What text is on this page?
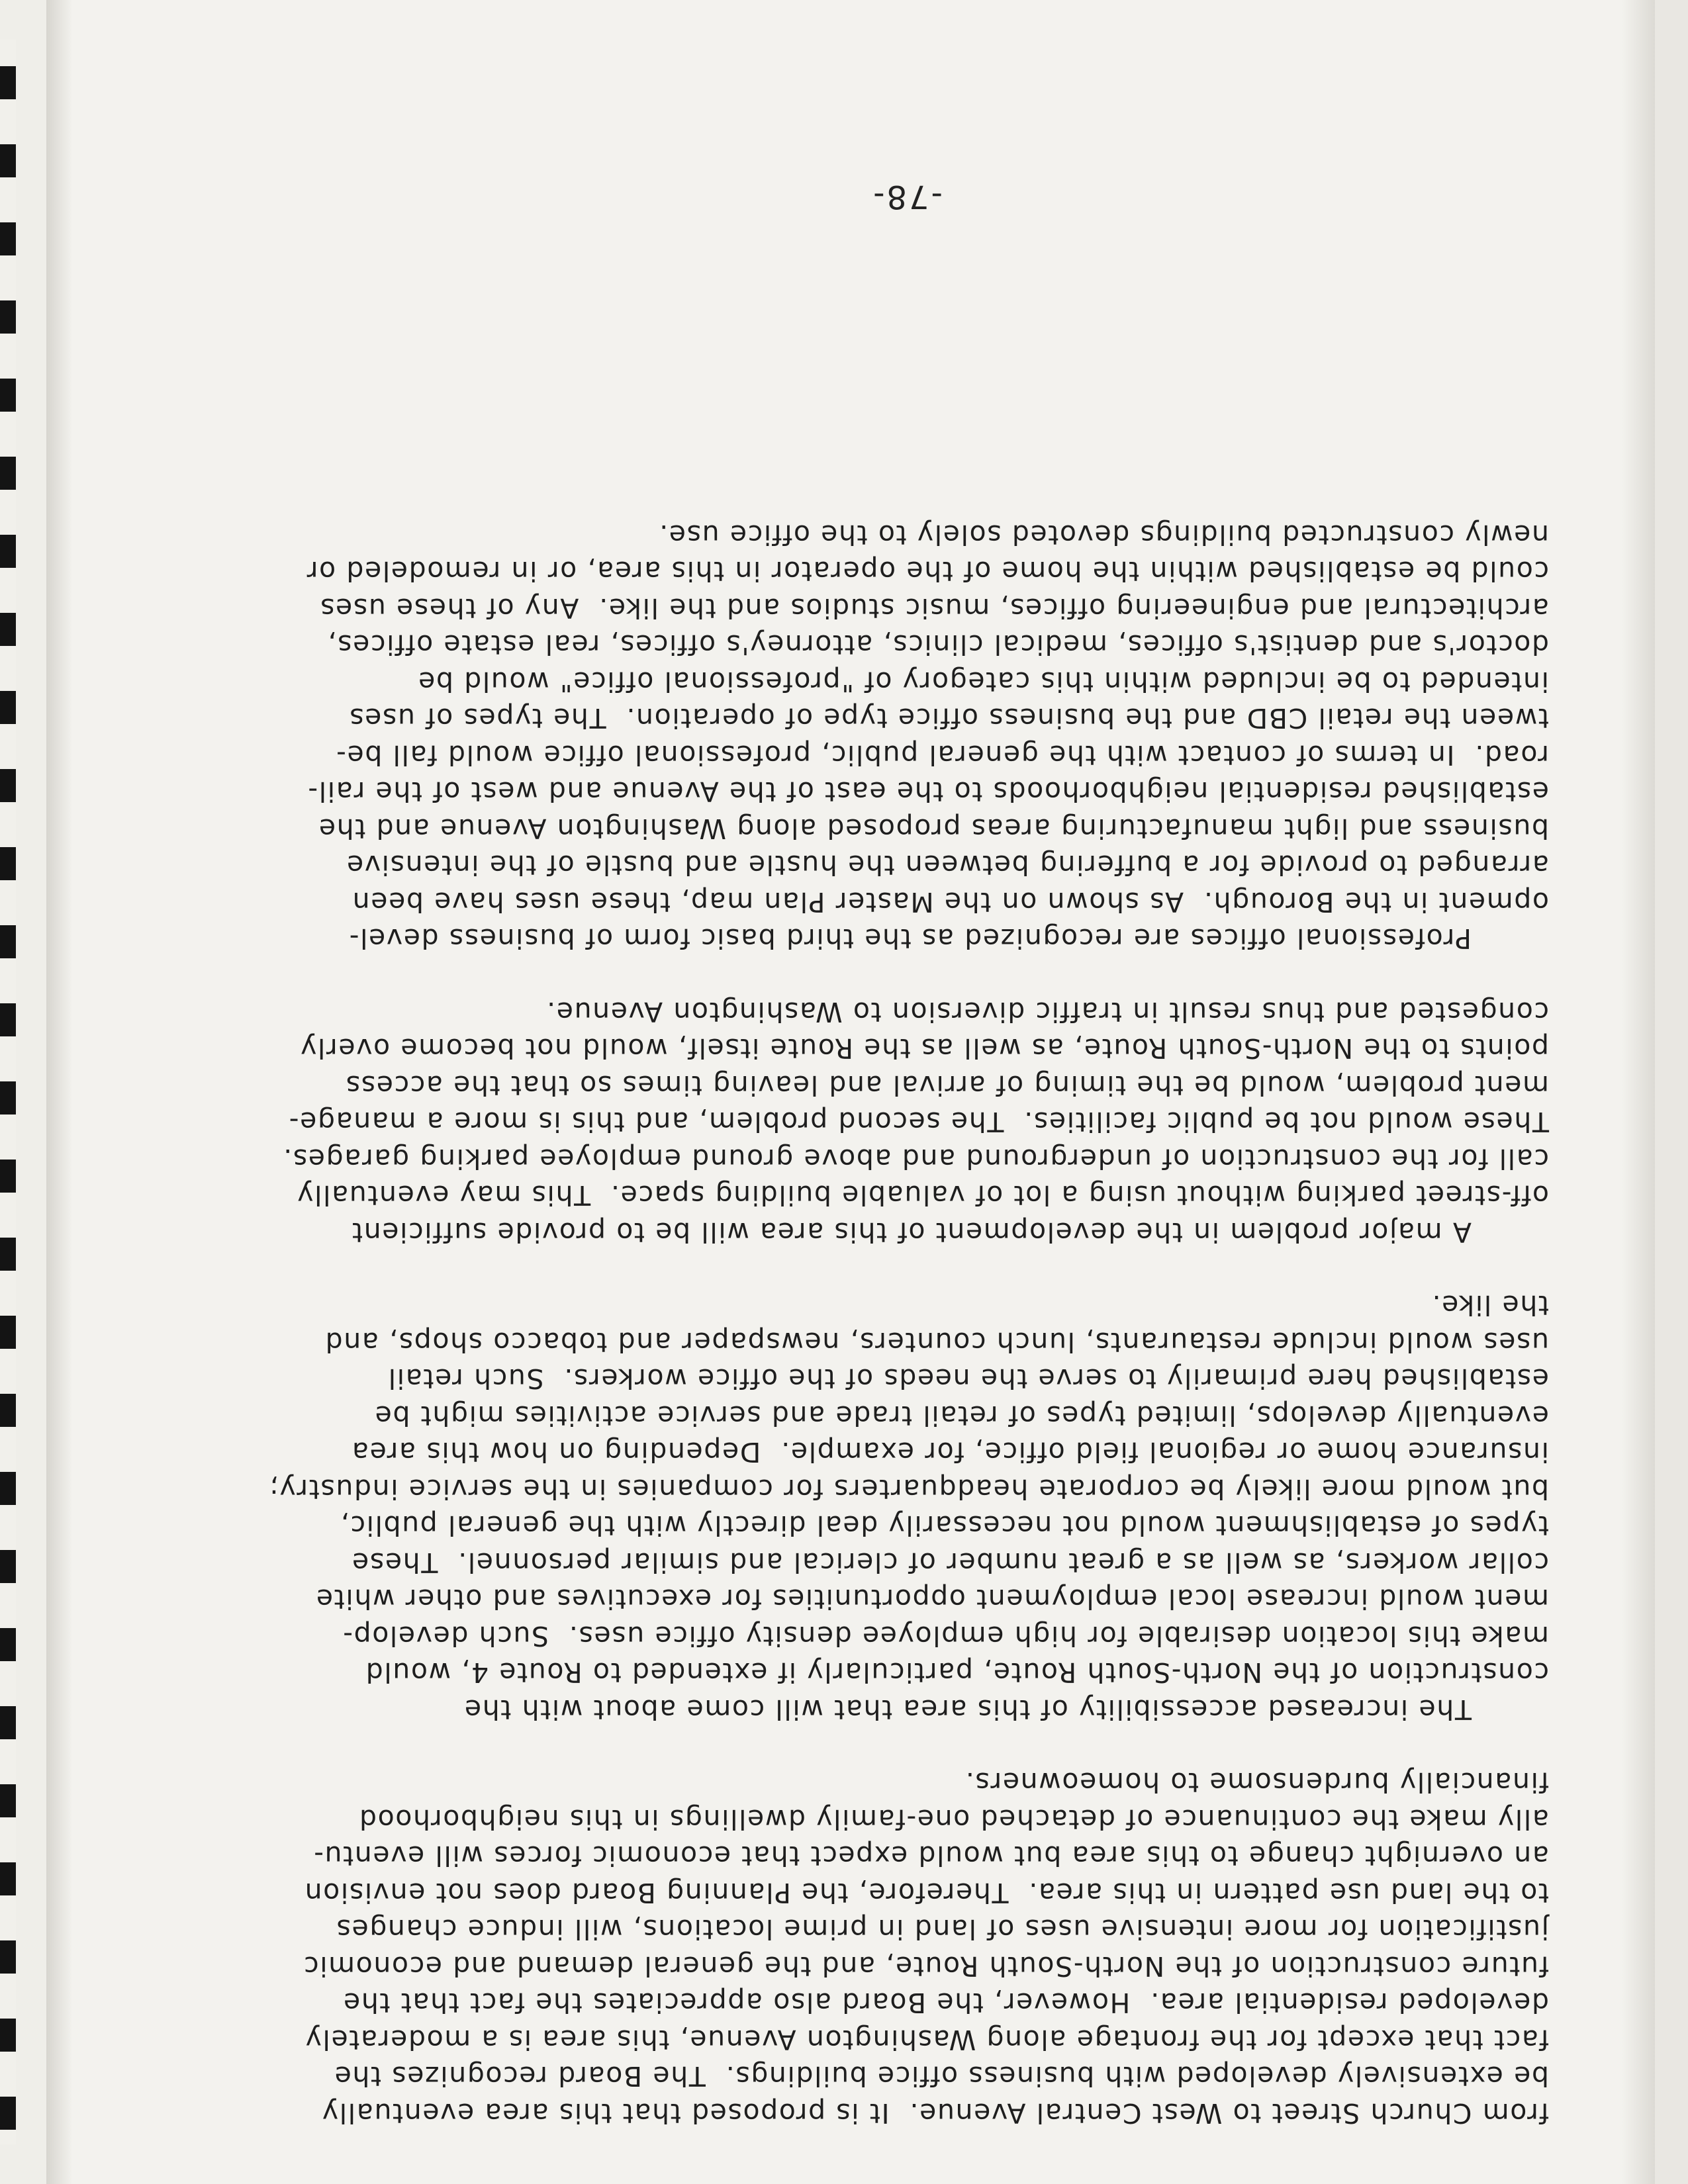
from Church Street to West Central Avenue.  It is proposed that this area eventually
be extensively developed with business office buildings.  The Board recognizes the
fact that except for the frontage along Washington Avenue, this area is a moderately
developed residential area.  However, the Board also appreciates the fact that the
future construction of the North-South Route, and the general demand and economic
justification for more intensive uses of land in prime locations, will induce changes
to the land use pattern in this area.  Therefore, the Planning Board does not envision
an overnight change to this area but would expect that economic forces will eventu-
ally make the continuance of detached one-family dwellings in this neighborhood
financially burdensome to homeowners.
The increased accessibility of this area that will come about with the
construction of the North-South Route, particularly if extended to Route 4, would
make this location desirable for high employee density office uses.  Such develop-
ment would increase local employment opportunities for executives and other white
collar workers, as well as a great number of clerical and similar personnel.  These
types of establishment would not necessarily deal directly with the general public,
but would more likely be corporate headquarters for companies in the service industry;
insurance home or regional field office, for example.  Depending on how this area
eventually develops, limited types of retail trade and service activities might be
established here primarily to serve the needs of the office workers.  Such retail
uses would include restaurants, lunch counters, newspaper and tobacco shops, and
the like.
A major problem in the development of this area will be to provide sufficient
off-street parking without using a lot of valuable building space.  This may eventually
call for the construction of underground and above ground employee parking garages.
These would not be public facilities.  The second problem, and this is more a manage-
ment problem, would be the timing of arrival and leaving times so that the access
points to the North-South Route, as well as the Route itself, would not become overly
congested and thus result in traffic diversion to Washington Avenue.
Professional offices are recognized as the third basic form of business devel-
opment in the Borough.  As shown on the Master Plan map, these uses have been
arranged to provide for a buffering between the hustle and bustle of the intensive
business and light manufacturing areas proposed along Washington Avenue and the
established residential neighborhoods to the east of the Avenue and west of the rail-
road.  In terms of contact with the general public, professional office would fall be-
tween the retail CBD and the business office type of operation.  The types of uses
intended to be included within this category of "professional office" would be
doctor's and dentist's offices, medical clinics, attorney's offices, real estate offices,
architectural and engineering offices, music studios and the like.  Any of these uses
could be established within the home of the operator in this area, or in remodeled or
newly constructed buildings devoted solely to the office use.
-78-
